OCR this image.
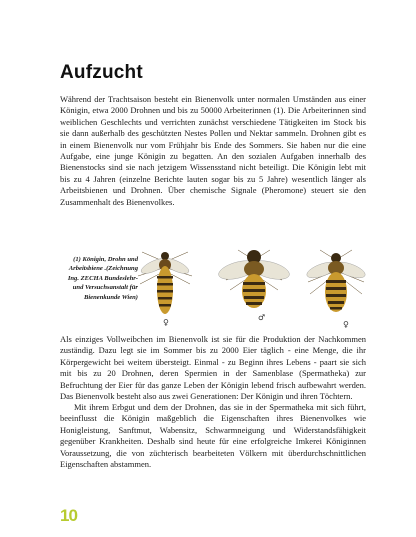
Aufzucht

Während der Trachtsaison besteht ein Bienenvolk unter normalen Umständen aus einer Königin, etwa 2000 Drohnen und bis zu 50000 Arbeiterinnen (1). Die Arbeiterinnen sind weiblichen Geschlechts und verrichten zunächst verschiedene Tätigkeiten im Stock bis sie dann außerhalb des geschützten Nestes Pollen und Nektar sammeln. Drohnen gibt es in einem Bienenvolk nur vom Frühjahr bis Ende des Sommers. Sie haben nur die eine Aufgabe, eine junge Königin zu begatten. An den sozialen Aufgaben innerhalb des Bienenstocks sind sie nach jetzigem Wissensstand nicht beteiligt. Die Königin lebt mit bis zu 4 Jahren (einzelne Berichte lauten sogar bis zu 5 Jahre) wesentlich länger als Arbeitsbienen und Drohnen. Über chemische Signale (Pheromone) steuert sie den Zusammenhalt des Bienenvolkes.

(1) Königin, Drohn und Arbeitsbiene .(Zeichnung Ing. ZECHA Bundeslehr- und Versuchsanstalt für Bienenkunde Wien)
♀
♂
♀

Als einziges Vollweibchen im Bienenvolk ist sie für die Produktion der Nachkommen zuständig. Dazu legt sie im Sommer bis zu 2000 Eier täglich - eine Menge, die ihr Körpergewicht bei weitem übersteigt. Einmal - zu Beginn ihres Lebens - paart sie sich mit bis zu 20 Drohnen, deren Spermien in der Samenblase (Spermatheka) zur Befruchtung der Eier für das ganze Leben der Königin lebend frisch aufbewahrt werden. Das Bienenvolk besteht also aus zwei Generationen: Der Königin und ihren Töchtern.

Mit ihrem Erbgut und dem der Drohnen, das sie in der Spermatheka mit sich führt, beeinflusst die Königin maßgeblich die Eigenschaften ihres Bienenvolkes wie Honigleistung, Sanftmut, Wabensitz, Schwarmneigung und Widerstandsfähigkeit gegenüber Krankheiten. Deshalb sind heute für eine erfolgreiche Imkerei Königinnen Voraussetzung, die von züchterisch bearbeiteten Völkern mit überdurchschnittlichen Eigenschaften abstammen.

10
